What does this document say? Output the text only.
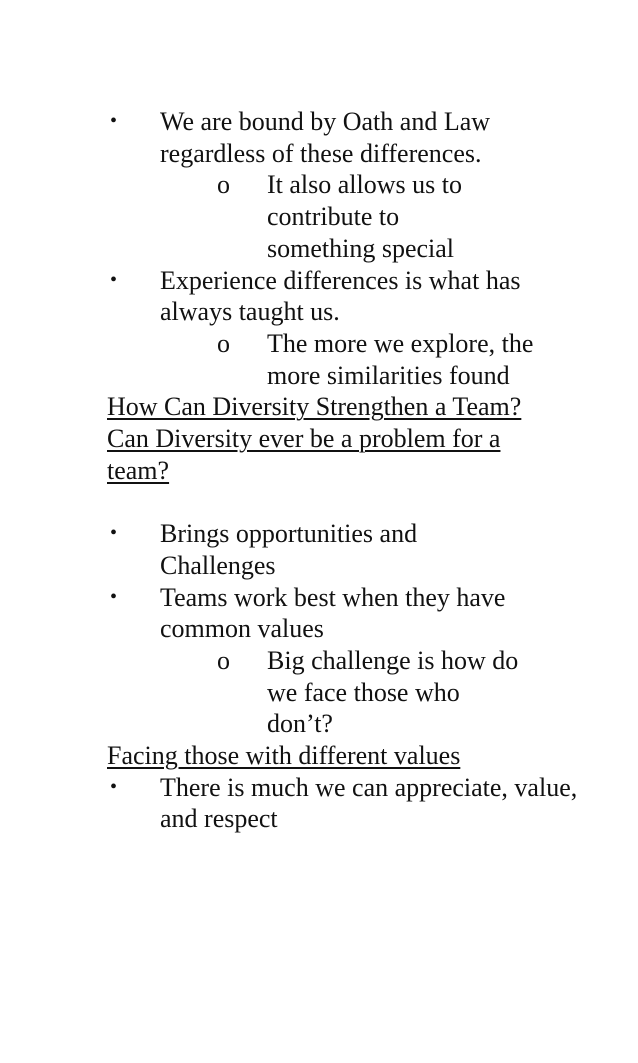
• We are bound by Oath and Law regardless of these differences.
o It also allows us to contribute to something special
• Experience differences is what has always taught us.
o The more we explore, the more similarities found
How Can Diversity Strengthen a Team?
Can Diversity ever be a problem for a team?
• Brings opportunities and Challenges
• Teams work best when they have common values
o Big challenge is how do we face those who don’t?
Facing those with different values
• There is much we can appreciate, value, and respect
